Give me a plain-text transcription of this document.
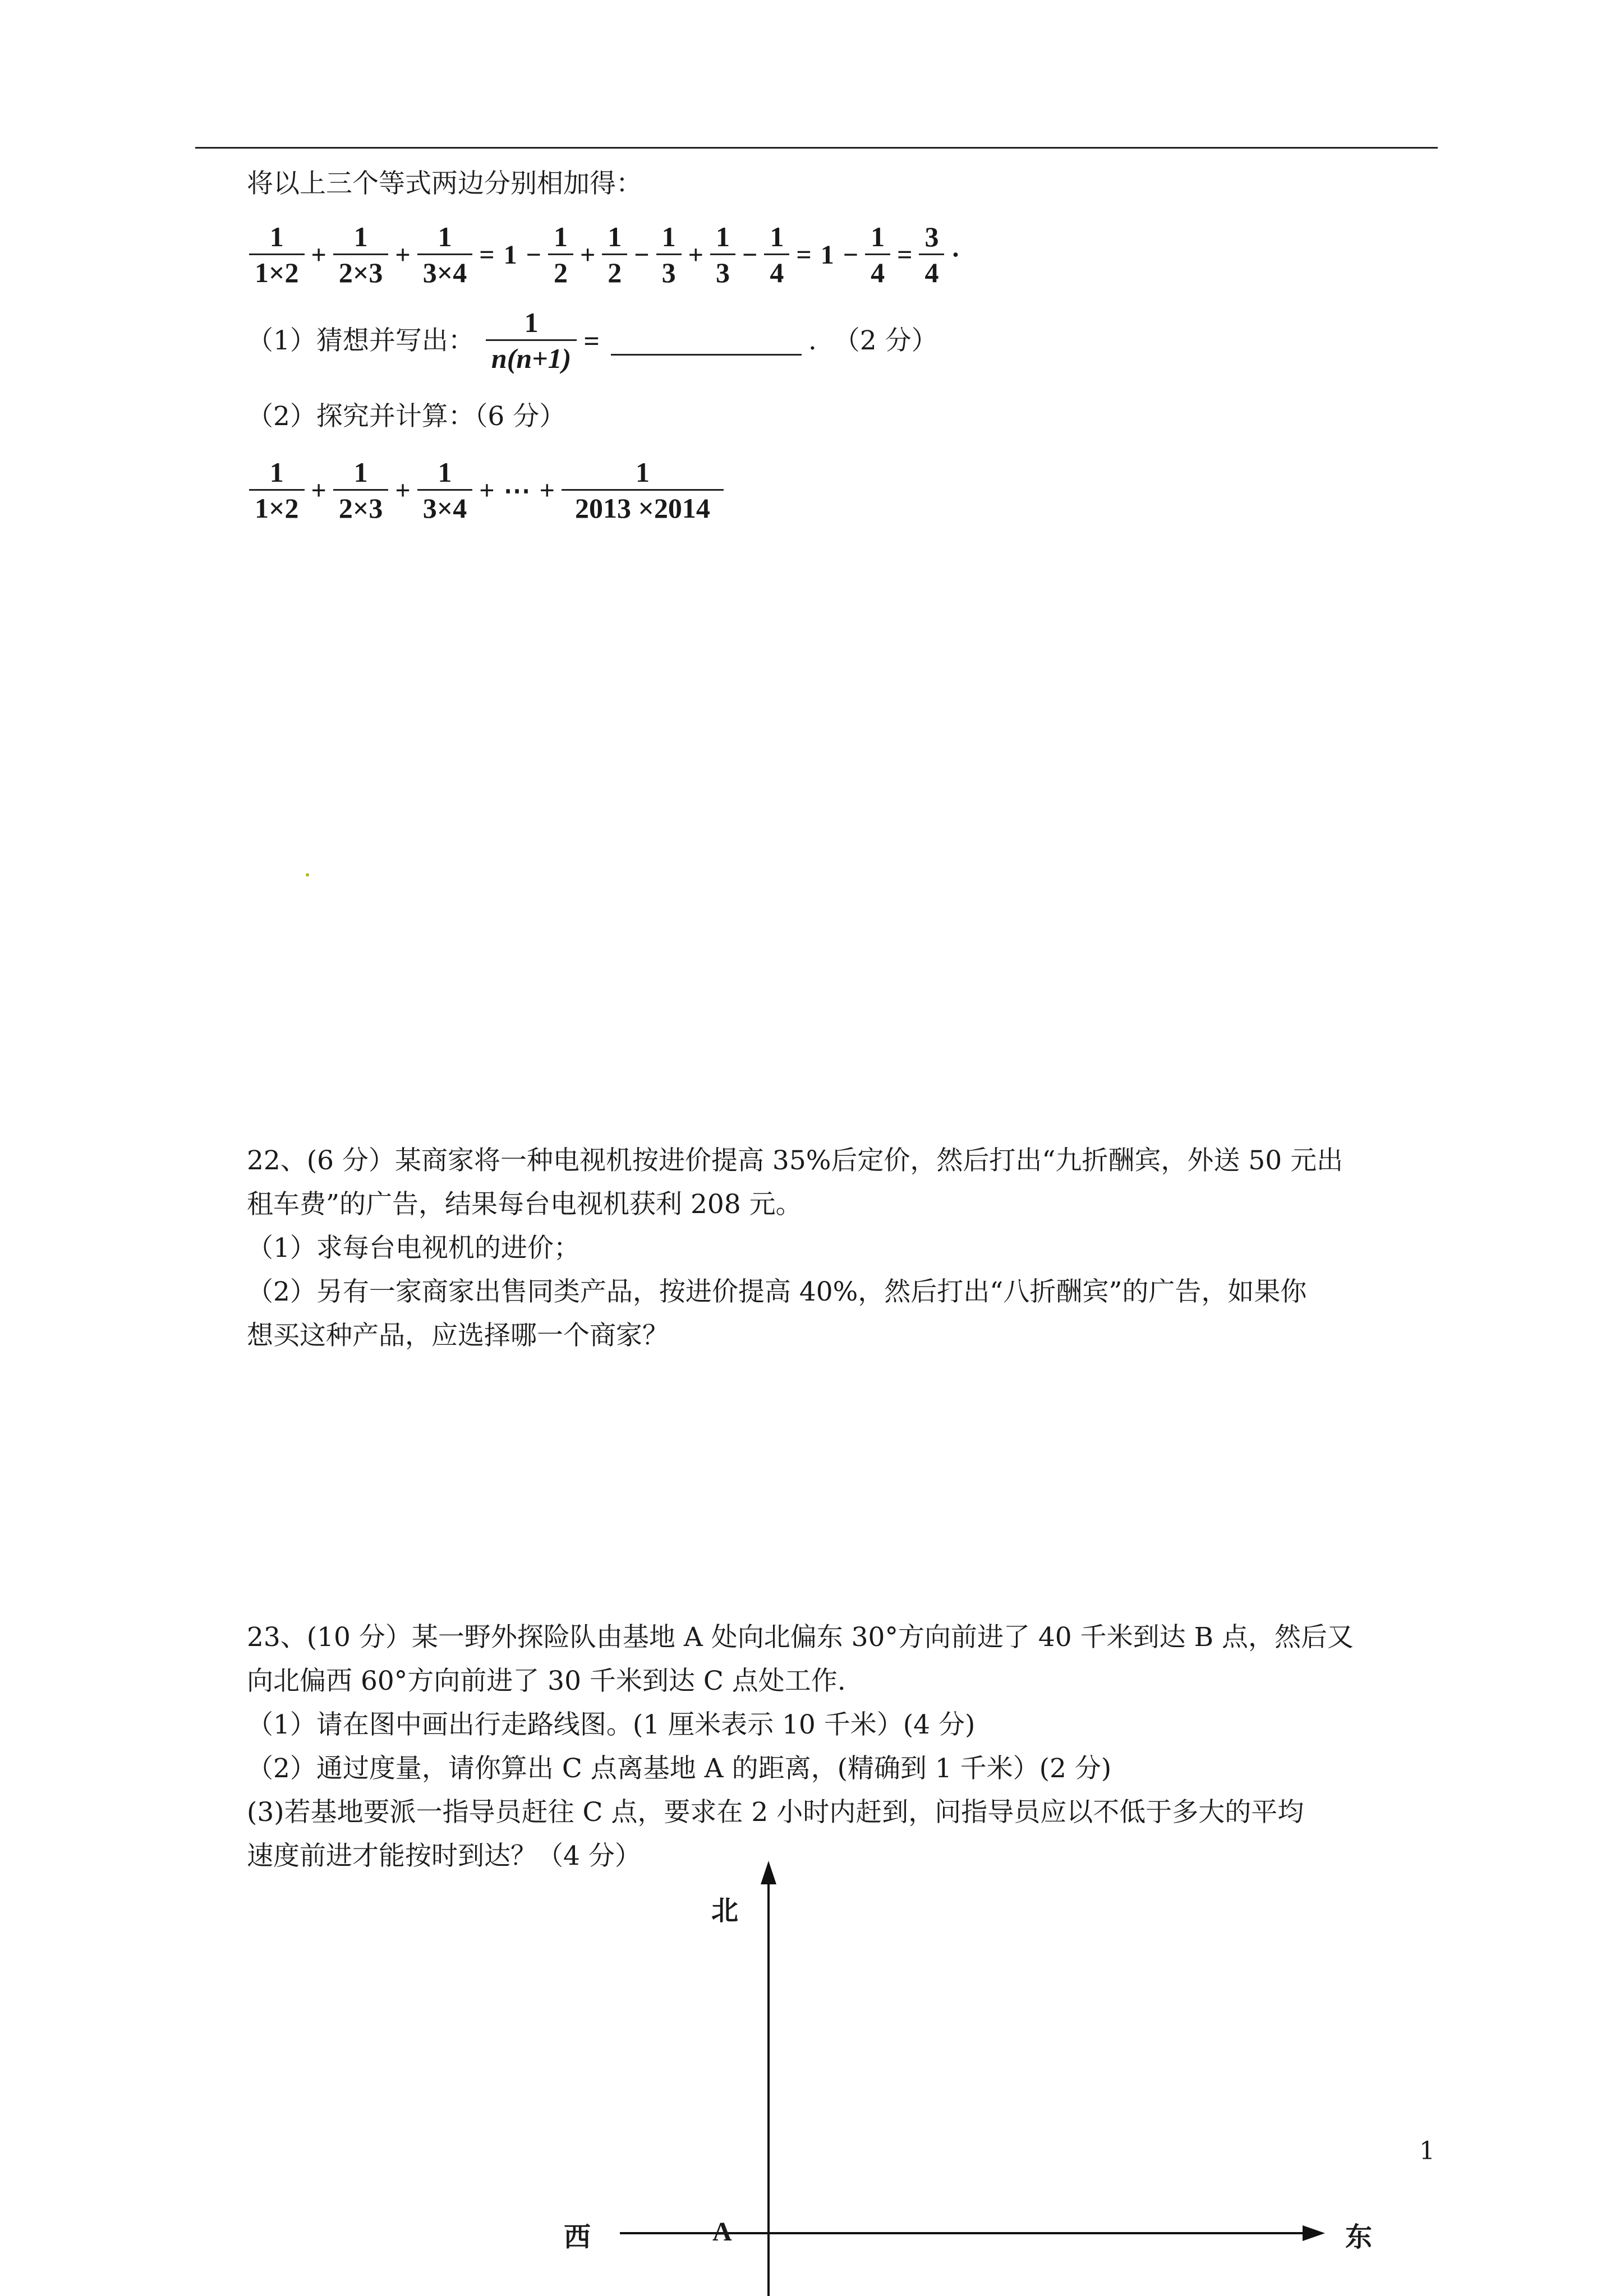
将以上三个等式两边分别相加得：
$\frac{1}{1\times 2} + \frac{1}{2\times 3} + \frac{1}{3\times 4} = 1 - \frac{1}{2} + \frac{1}{2} - \frac{1}{3} + \frac{1}{3} - \frac{1}{4} = 1 - \frac{1}{4} = \frac{3}{4}$ ·
（1）猜想并写出： $\frac{1}{n(n+1)}$ =	. （2 分）
（2）探究并计算：（6 分）
$\frac{1}{1\times 2} + \frac{1}{2\times 3} + \frac{1}{3\times 4}$ + ⋯ + $\frac{1}{2013 \times 2014}$
22、(6 分）某商家将一种电视机按进价提高 35%后定价，然后打出“九折酬宾，外送 50 元出
租车费”的广告，结果每台电视机获利 208 元。
（1）求每台电视机的进价；
（2）另有一家商家出售同类产品，按进价提高 40%，然后打出“八折酬宾”的广告，如果你
想买这种产品，应选择哪一个商家？
23、(10 分）某一野外探险队由基地 A 处向北偏东 30°方向前进了 40 千米到达 B 点，然后又
向北偏西 60°方向前进了 30 千米到达 C 点处工作.
（1）请在图中画出行走路线图。(1 厘米表示 10 千米）(4 分)
（2）通过度量，请你算出 C 点离基地 A 的距离，(精确到 1 千米）(2 分)
(3)若基地要派一指导员赶往 C 点，要求在 2 小时内赶到，问指导员应以不低于多大的平均
速度前进才能按时到达？（4 分）
北
西	东
A
1
